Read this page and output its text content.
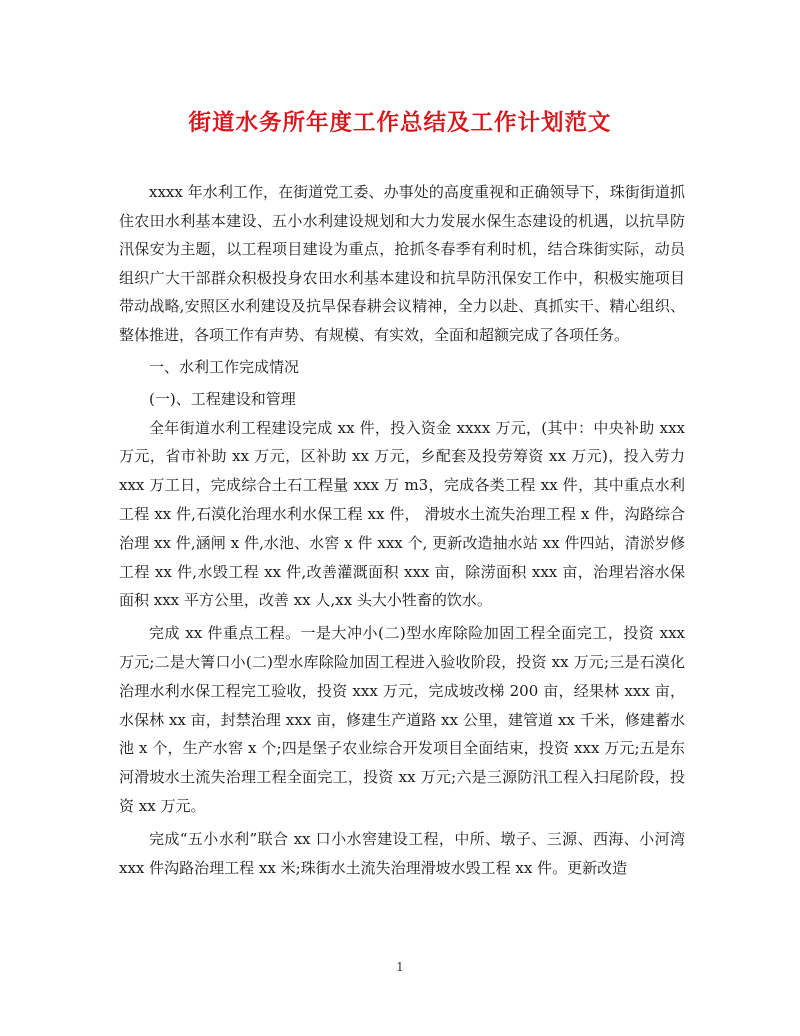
街道水务所年度工作总结及工作计划范文

xxxx 年水利工作，在街道党工委、办事处的高度重视和正确领导下，珠街街道抓住农田水利基本建设、五小水利建设规划和大力发展水保生态建设的机遇，以抗旱防汛保安为主题，以工程项目建设为重点，抢抓冬春季有利时机，结合珠街实际，动员组织广大干部群众积极投身农田水利基本建设和抗旱防汛保安工作中，积极实施项目带动战略,安照区水利建设及抗旱保春耕会议精神，全力以赴、真抓实干、精心组织、整体推进，各项工作有声势、有规模、有实效，全面和超额完成了各项任务。

一、水利工作完成情况

(一)、工程建设和管理

全年街道水利工程建设完成 xx 件，投入资金 xxxx 万元，(其中：中央补助 xxx 万元，省市补助 xx 万元，区补助 xx 万元，乡配套及投劳筹资 xx 万元)，投入劳力 xxx 万工日，完成综合土石工程量 xxx 万 m3，完成各类工程 xx 件，其中重点水利工程 xx 件,石漠化治理水利水保工程 xx 件， 滑坡水土流失治理工程 x 件，沟路综合治理 xx 件,涵闸 x 件,水池、水窖 x 件 xxx 个, 更新改造抽水站 xx 件四站，清淤岁修工程 xx 件,水毁工程 xx 件,改善灌溉面积 xxx 亩，除涝面积 xxx 亩，治理岩溶水保面积 xxx 平方公里，改善 xx 人,xx 头大小牲畜的饮水。

完成 xx 件重点工程。一是大冲小(二)型水库除险加固工程全面完工，投资 xxx 万元;二是大箐口小(二)型水库除险加固工程进入验收阶段，投资 xx 万元;三是石漠化治理水利水保工程完工验收，投资 xxx 万元，完成坡改梯 200 亩，经果林 xxx 亩，水保林 xx 亩，封禁治理 xxx 亩，修建生产道路 xx 公里，建管道 xx 千米，修建蓄水池 x 个，生产水窖 x 个;四是堡子农业综合开发项目全面结束，投资 xxx 万元;五是东河滑坡水土流失治理工程全面完工，投资 xx 万元;六是三源防汛工程入扫尾阶段，投资 xx 万元。

完成“五小水利”联合 xx 口小水窖建设工程，中所、墩子、三源、西海、小河湾 xxx 件沟路治理工程 xx 米;珠街水土流失治理滑坡水毁工程 xx 件。更新改造

1
